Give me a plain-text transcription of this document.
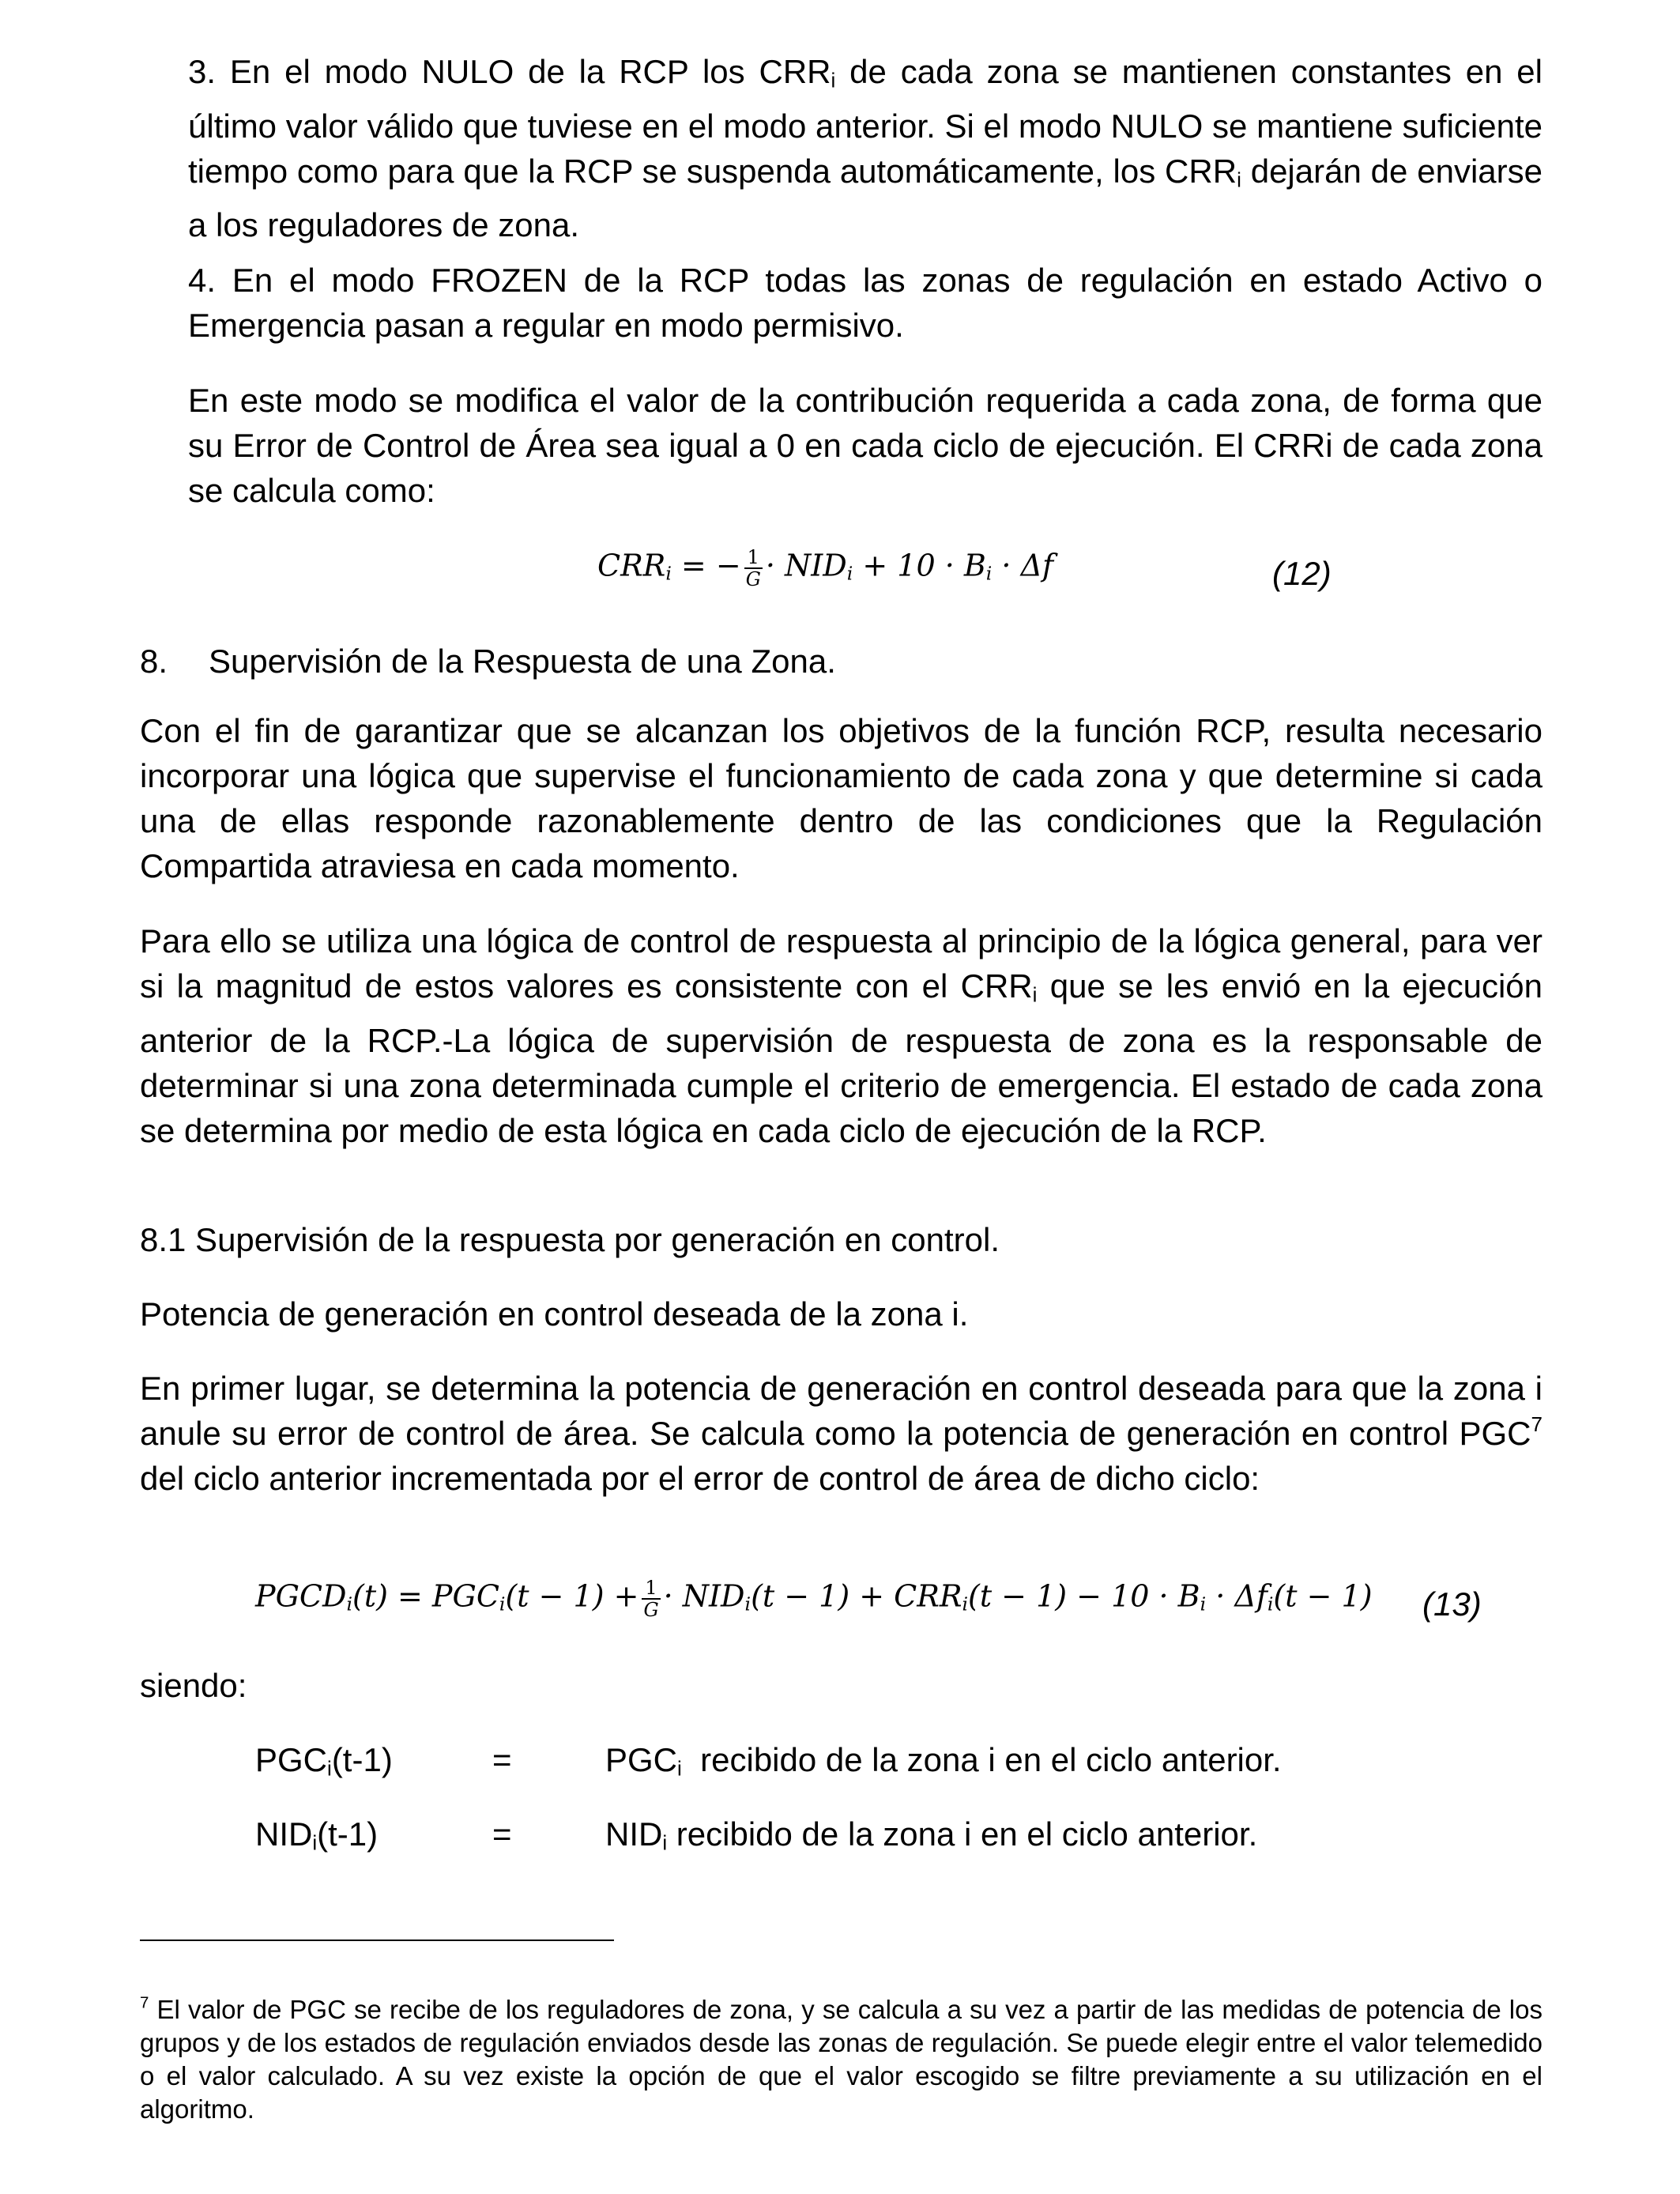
3. En el modo NULO de la RCP los $CRR_i$ de cada zona se mantienen constantes en el último valor válido que tuviese en el modo anterior. Si el modo NULO se mantiene suficiente tiempo como para que la RCP se suspenda automáticamente, los $CRR_i$ dejarán de enviarse a los reguladores de zona.

4. En el modo FROZEN de la RCP todas las zonas de regulación en estado Activo o Emergencia pasan a regular en modo permisivo.

En este modo se modifica el valor de la contribución requerida a cada zona, de forma que su Error de Control de Área sea igual a 0 en cada ciclo de ejecución. El CRRi de cada zona se calcula como:

$CRR_i$ = − $\frac{1}{G} \cdot NID_i + 10 \cdot B_i \cdot \Delta f$	(12)
8. Supervisión de la Respuesta de una Zona.

Con el fin de garantizar que se alcanzan los objetivos de la función RCP, resulta necesario incorporar una lógica que supervise el funcionamiento de cada zona y que determine si cada una de ellas responde razonablemente dentro de las condiciones que la Regulación Compartida atraviesa en cada momento.

Para ello se utiliza una lógica de control de respuesta al principio de la lógica general, para ver si la magnitud de estos valores es consistente con el $CRR_i$ que se les envió en la ejecución anterior de la RCP.-La lógica de supervisión de respuesta de zona es la responsable de determinar si una zona determinada cumple el criterio de emergencia. El estado de cada zona se determina por medio de esta lógica en cada ciclo de ejecución de la RCP.

8.1 Supervisión de la respuesta por generación en control.

Potencia de generación en control deseada de la zona i.

En primer lugar, se determina la potencia de generación en control deseada para que la zona i anule su error de control de área. Se calcula como la potencia de generación en control PGC$^7$ del ciclo anterior incrementada por el error de control de área de dicho ciclo:

$PGCD_i(t) = PGC_i(t - 1) + \frac{1}{G} \cdot NID_i(t - 1) + CRR_i(t - 1) - 10 \cdot B_i \cdot \Delta f_i(t - 1)$ (13)
siendo:
$PGC_i(t-1)$	=	$PGC_i$  recibido de la zona i en el ciclo anterior.
$NID_i(t-1)$	=	$NID_i$ recibido de la zona i en el ciclo anterior.

$^7$ El valor de PGC se recibe de los reguladores de zona, y se calcula a su vez a partir de las medidas de potencia de los grupos y de los estados de regulación enviados desde las zonas de regulación. Se puede elegir entre el valor telemedido o el valor calculado. A su vez existe la opción de que el valor escogido se filtre previamente a su utilización en el algoritmo.
